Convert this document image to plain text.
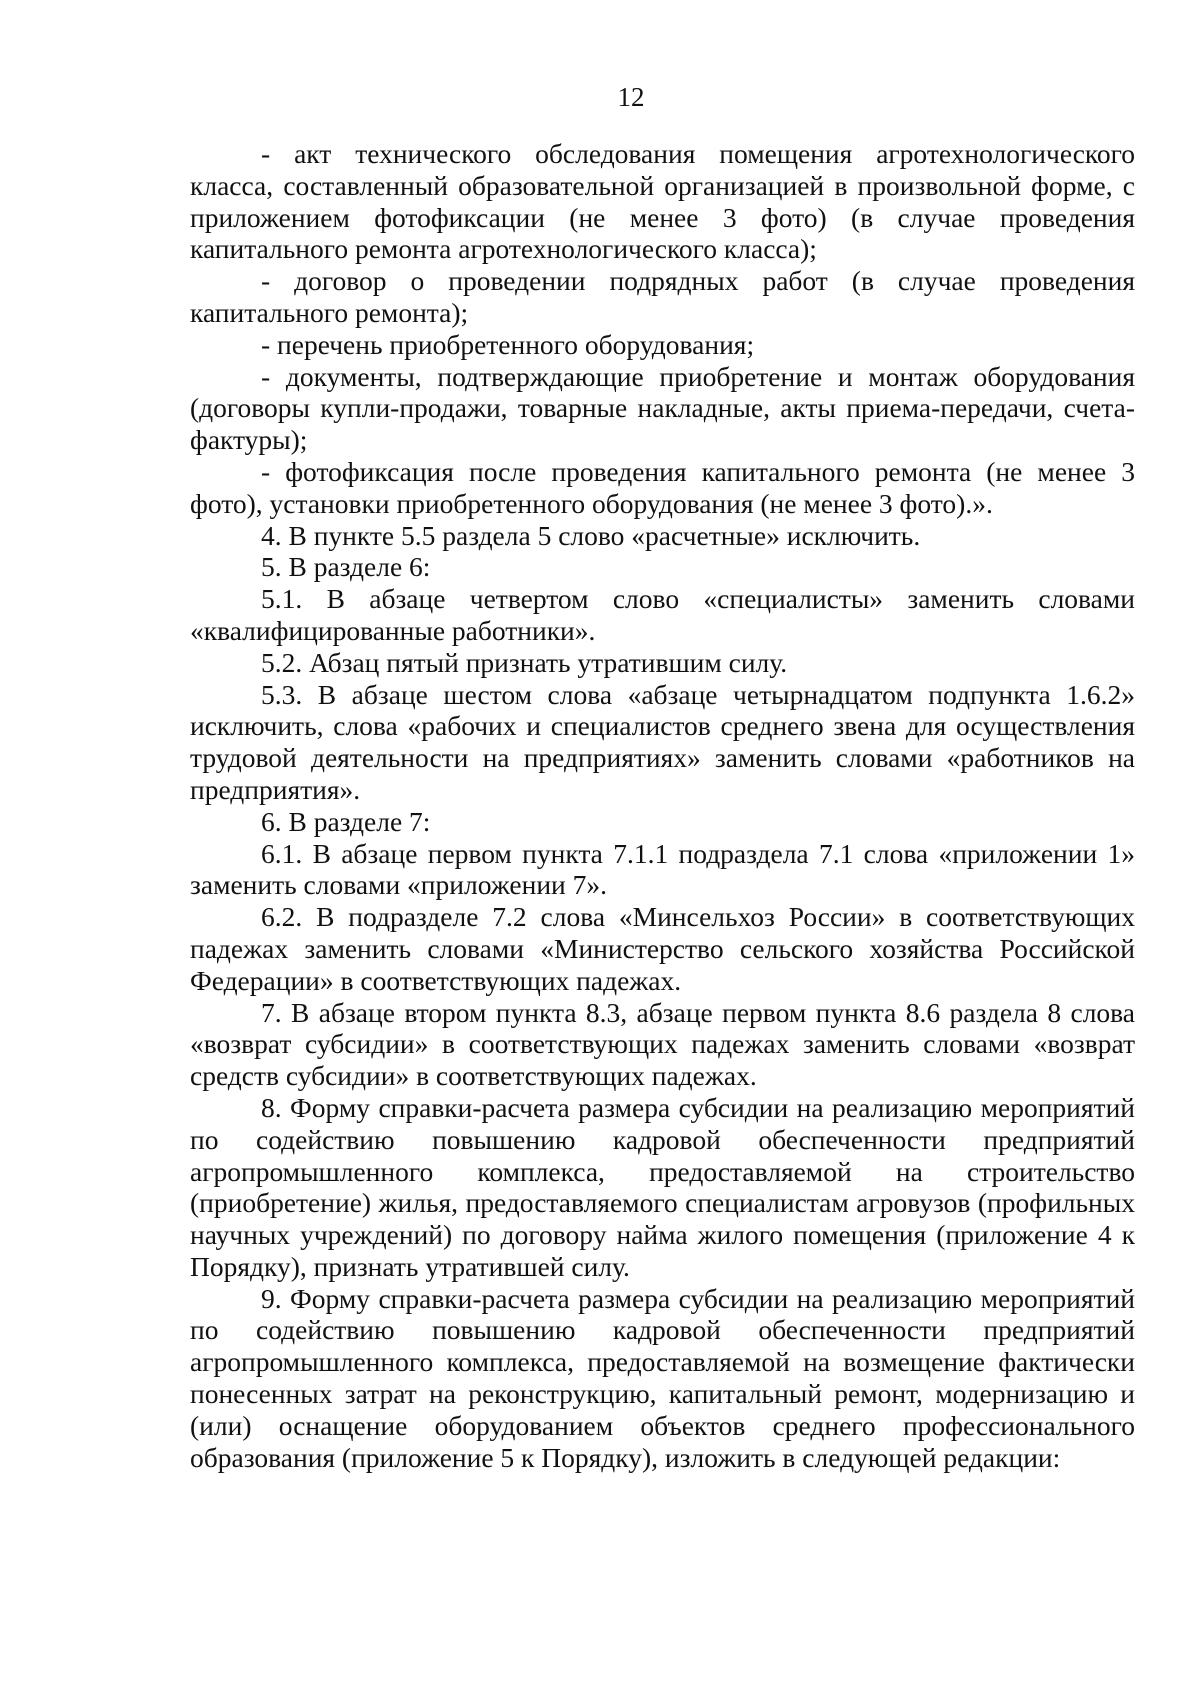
12

- акт технического обследования помещения агротехнологического класса, составленный образовательной организацией в произвольной форме, с приложением фотофиксации (не менее 3 фото) (в случае проведения капитального ремонта агротехнологического класса);

- договор о проведении подрядных работ (в случае проведения капитального ремонта);

- перечень приобретенного оборудования;

- документы, подтверждающие приобретение и монтаж оборудования (договоры купли-продажи, товарные накладные, акты приема-передачи, счета-фактуры);

- фотофиксация после проведения капитального ремонта (не менее 3 фото), установки приобретенного оборудования (не менее 3 фото).».

4. В пункте 5.5 раздела 5 слово «расчетные» исключить.

5. В разделе 6:

5.1. В абзаце четвертом слово «специалисты» заменить словами «квалифицированные работники».

5.2. Абзац пятый признать утратившим силу.

5.3. В абзаце шестом слова «абзаце четырнадцатом подпункта 1.6.2» исключить, слова «рабочих и специалистов среднего звена для осуществления трудовой деятельности на предприятиях» заменить словами «работников на предприятия».

6. В разделе 7:

6.1. В абзаце первом пункта 7.1.1 подраздела 7.1 слова «приложении 1» заменить словами «приложении 7».

6.2. В подразделе 7.2 слова «Минсельхоз России» в соответствующих падежах заменить словами «Министерство сельского хозяйства Российской Федерации» в соответствующих падежах.

7. В абзаце втором пункта 8.3, абзаце первом пункта 8.6 раздела 8 слова «возврат субсидии» в соответствующих падежах заменить словами «возврат средств субсидии» в соответствующих падежах.

8. Форму справки-расчета размера субсидии на реализацию мероприятий по содействию повышению кадровой обеспеченности предприятий агропромышленного комплекса, предоставляемой на строительство (приобретение) жилья, предоставляемого специалистам агровузов (профильных научных учреждений) по договору найма жилого помещения (приложение 4 к Порядку), признать утратившей силу.

9. Форму справки-расчета размера субсидии на реализацию мероприятий по содействию повышению кадровой обеспеченности предприятий агропромышленного комплекса, предоставляемой на возмещение фактически понесенных затрат на реконструкцию, капитальный ремонт, модернизацию и (или) оснащение оборудованием объектов среднего профессионального образования (приложение 5 к Порядку), изложить в следующей редакции:
